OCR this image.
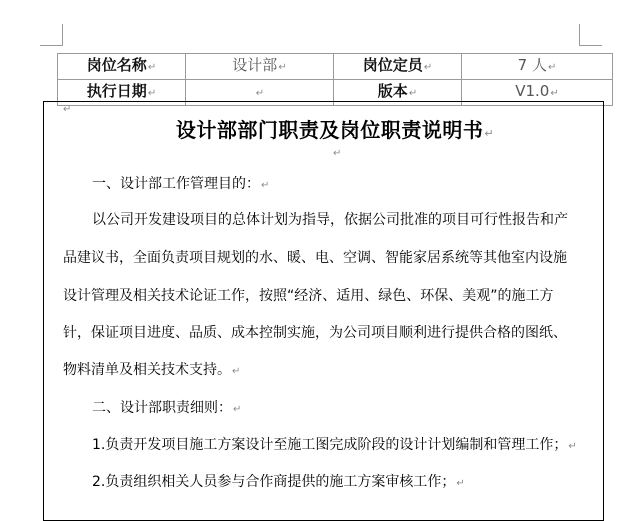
岗位名称↵	设计部↵	岗位定员↵	7 人↵
执行日期↵	↵	版本↵	V1.0↵
↵
设计部部门职责及岗位职责说明书↵
↵
一、设计部工作管理目的：↵
以公司开发建设项目的总体计划为指导，依据公司批准的项目可行性报告和产
品建议书，全面负责项目规划的水、暖、电、空调、智能家居系统等其他室内设施
设计管理及相关技术论证工作，按照“经济、适用、绿色、环保、美观”的施工方
针，保证项目进度、品质、成本控制实施，为公司项目顺利进行提供合格的图纸、
物料清单及相关技术支持。↵
二、设计部职责细则：↵
1.负责开发项目施工方案设计至施工图完成阶段的设计计划编制和管理工作；↵
2.负责组织相关人员参与合作商提供的施工方案审核工作；↵
